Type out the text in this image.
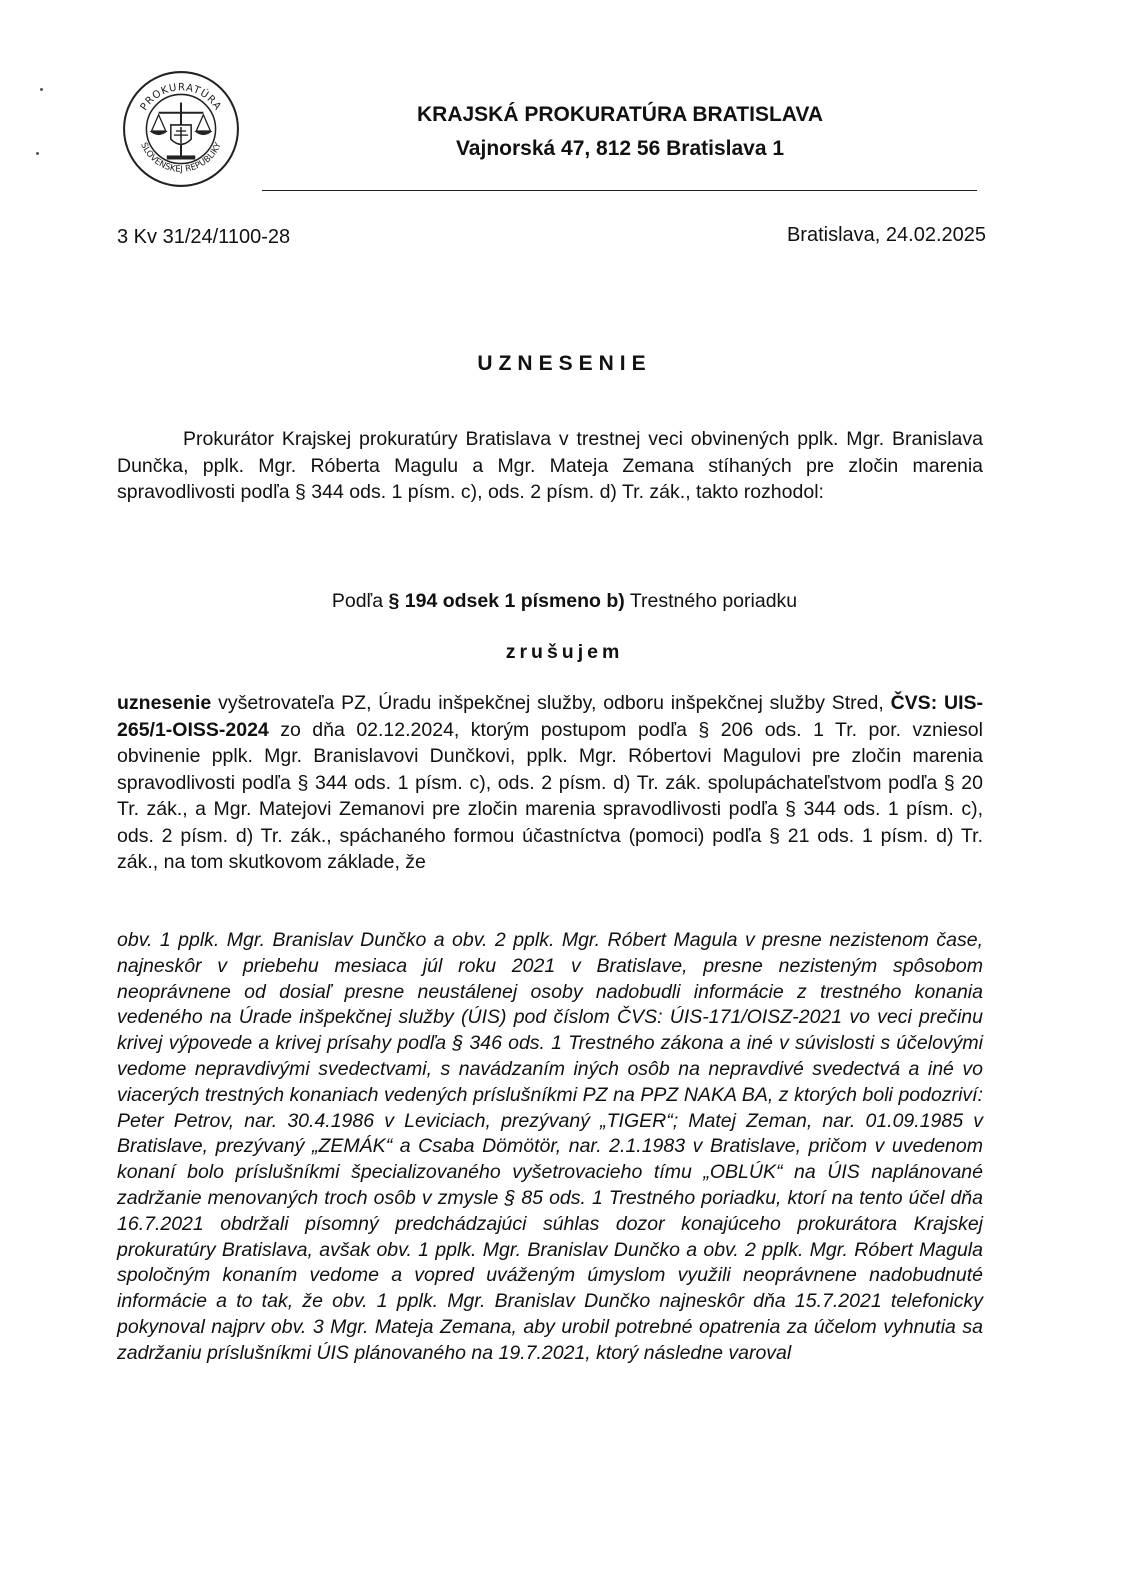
PROKURATÚRA
SLOVENSKEJ REPUBLIKY
KRAJSKÁ PROKURATÚRA BRATISLAVA
Vajnorská 47, 812 56 Bratislava 1
3 Kv 31/24/1100-28	Bratislava, 24.02.2025
UZNESENIE

Prokurátor Krajskej prokuratúry Bratislava v trestnej veci obvinených pplk. Mgr. Branislava Dunčka, pplk. Mgr. Róberta Magulu a Mgr. Mateja Zemana stíhaných pre zločin marenia spravodlivosti podľa § 344 ods. 1 písm. c), ods. 2 písm. d) Tr. zák., takto rozhodol:

Podľa § 194 odsek 1 písmeno b) Trestného poriadku
zrušujem

uznesenie vyšetrovateľa PZ, Úradu inšpekčnej služby, odboru inšpekčnej služby Stred, ČVS: UIS-265/1-OISS-2024 zo dňa 02.12.2024, ktorým postupom podľa § 206 ods. 1 Tr. por. vzniesol obvinenie pplk. Mgr. Branislavovi Dunčkovi, pplk. Mgr. Róbertovi Magulovi pre zločin marenia spravodlivosti podľa § 344 ods. 1 písm. c), ods. 2 písm. d) Tr. zák. spolupáchateľstvom podľa § 20 Tr. zák., a Mgr. Matejovi Zemanovi pre zločin marenia spravodlivosti podľa § 344 ods. 1 písm. c), ods. 2 písm. d) Tr. zák., spáchaného formou účastníctva (pomoci) podľa § 21 ods. 1 písm. d) Tr. zák., na tom skutkovom základe, že

obv. 1 pplk. Mgr. Branislav Dunčko a obv. 2 pplk. Mgr. Róbert Magula v presne nezistenom čase, najneskôr v priebehu mesiaca júl roku 2021 v Bratislave, presne nezisteným spôsobom neoprávnene od dosiaľ presne neustálenej osoby nadobudli informácie z trestného konania vedeného na Úrade inšpekčnej služby (ÚIS) pod číslom ČVS: ÚIS-171/OISZ-2021 vo veci prečinu krivej výpovede a krivej prísahy podľa § 346 ods. 1 Trestného zákona a iné v súvislosti s účelovými vedome nepravdivými svedectvami, s navádzaním iných osôb na nepravdivé svedectvá a iné vo viacerých trestných konaniach vedených príslušníkmi PZ na PPZ NAKA BA, z ktorých boli podozriví: Peter Petrov, nar. 30.4.1986 v Leviciach, prezývaný „TIGER“; Matej Zeman, nar. 01.09.1985 v Bratislave, prezývaný „ZEMÁK“ a Csaba Dömötör, nar. 2.1.1983 v Bratislave, pričom v uvedenom konaní bolo príslušníkmi špecializovaného vyšetrovacieho tímu „OBLÚK“ na ÚIS naplánované zadržanie menovaných troch osôb v zmysle § 85 ods. 1 Trestného poriadku, ktorí na tento účel dňa 16.7.2021 obdržali písomný predchádzajúci súhlas dozor konajúceho prokurátora Krajskej prokuratúry Bratislava, avšak obv. 1 pplk. Mgr. Branislav Dunčko a obv. 2 pplk. Mgr. Róbert Magula spoločným konaním vedome a vopred uváženým úmyslom využili neoprávnene nadobudnuté informácie a to tak, že obv. 1 pplk. Mgr. Branislav Dunčko najneskôr dňa 15.7.2021 telefonicky pokynoval najprv obv. 3 Mgr. Mateja Zemana, aby urobil potrebné opatrenia za účelom vyhnutia sa zadržaniu príslušníkmi ÚIS plánovaného na 19.7.2021, ktorý následne varoval
